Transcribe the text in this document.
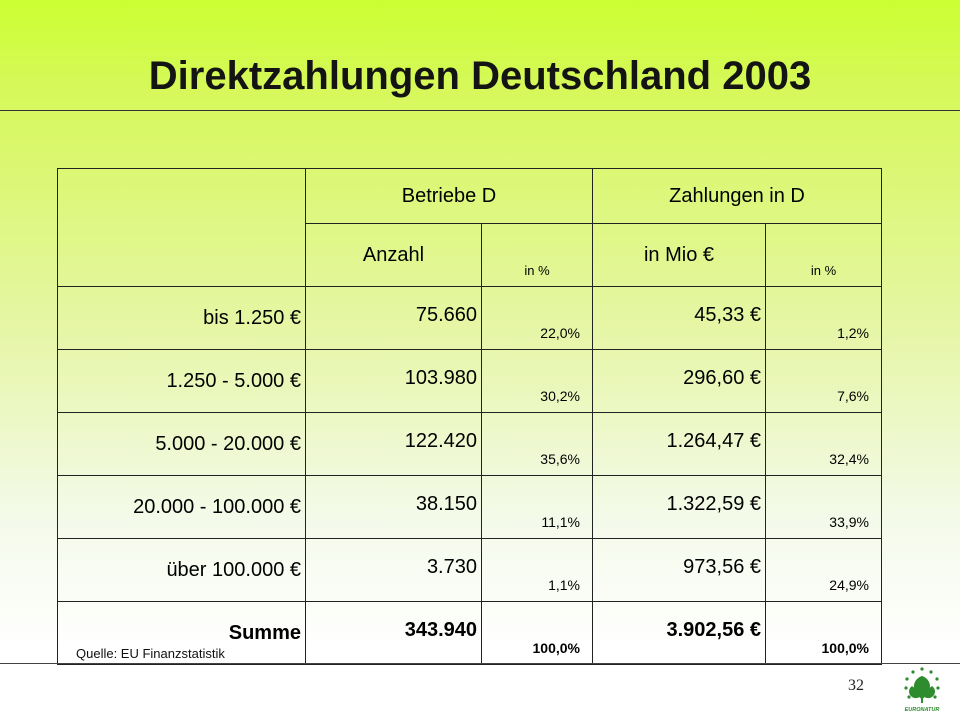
Direktzahlungen Deutschland 2003
	Betriebe D		Zahlungen in D	
	Anzahl	in %	in Mio €	in %
bis 1.250 €	75.660	22,0%	45,33 €	1,2%
1.250 - 5.000 €	103.980	30,2%	296,60 €	7,6%
5.000 - 20.000 €	122.420	35,6%	1.264,47 €	32,4%
20.000 - 100.000 €	38.150	11,1%	1.322,59 €	33,9%
über 100.000 €	3.730	1,1%	973,56 €	24,9%
Summe	343.940	100,0%	3.902,56 €	100,0%
Quelle: EU Finanzstatistik
32
EURONATUR
